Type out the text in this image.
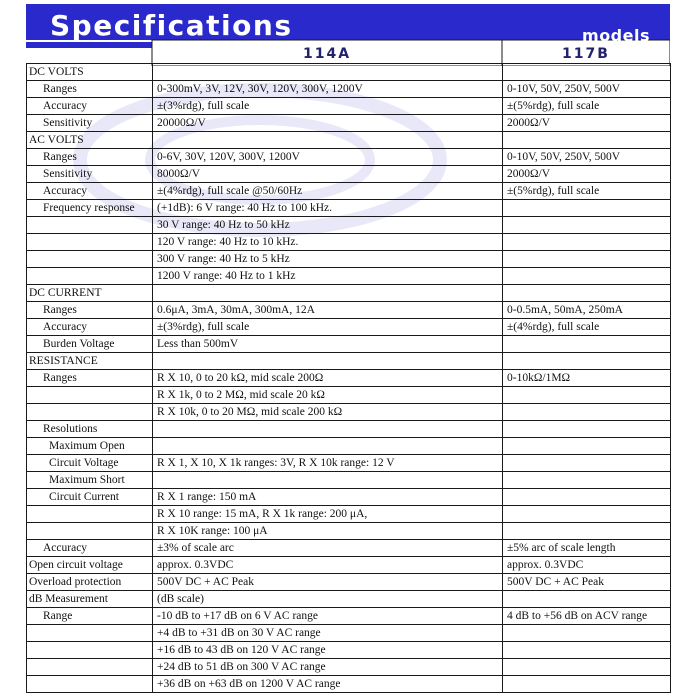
Specifications	models
114A	117B
DC VOLTS		
Ranges	0-300mV, 3V, 12V, 30V, 120V, 300V, 1200V	0-10V, 50V, 250V, 500V
Accuracy	±(3%rdg), full scale	±(5%rdg), full scale
Sensitivity	20000Ω/V	2000Ω/V
AC VOLTS		
Ranges	0-6V, 30V, 120V, 300V, 1200V	0-10V, 50V, 250V, 500V
Sensitivity	8000Ω/V	2000Ω/V
Accuracy	±(4%rdg), full scale @50/60Hz	±(5%rdg), full scale
Frequency response	(+1dB): 6 V range: 40 Hz to 100 kHz.	
	30 V range: 40 Hz to 50 kHz	
	120 V range: 40 Hz to 10 kHz.	
	300 V range: 40 Hz to 5 kHz	
	1200 V range: 40 Hz to 1 kHz	
DC CURRENT		
Ranges	0.6μA, 3mA, 30mA, 300mA, 12A	0-0.5mA, 50mA, 250mA
Accuracy	±(3%rdg), full scale	±(4%rdg), full scale
Burden Voltage	Less than 500mV	
RESISTANCE		
Ranges	R X 10, 0 to 20 kΩ, mid scale 200Ω	0-10kΩ/1MΩ
	R X 1k, 0 to 2 MΩ, mid scale 20 kΩ	
	R X 10k, 0 to 20 MΩ, mid scale 200 kΩ	
Resolutions		
Maximum Open		
Circuit Voltage	R X 1, X 10, X 1k ranges: 3V, R X 10k range: 12 V	
Maximum Short		
Circuit Current	R X 1 range: 150 mA	
	R X 10 range: 15 mA, R X 1k range: 200 μA,	
	R X 10K range: 100 μA	
Accuracy	±3% of scale arc	±5% arc of scale length
Open circuit voltage	approx. 0.3VDC	approx. 0.3VDC
Overload protection	500V DC + AC Peak	500V DC + AC Peak
dB Measurement	(dB scale)	
Range	-10 dB to +17 dB on 6 V AC range	4 dB to +56 dB on ACV range
	+4 dB to +31 dB on 30 V AC range	
	+16 dB to 43 dB on 120 V AC range	
	+24 dB to 51 dB on 300 V AC range	
	+36 dB on +63 dB on 1200 V AC range	
